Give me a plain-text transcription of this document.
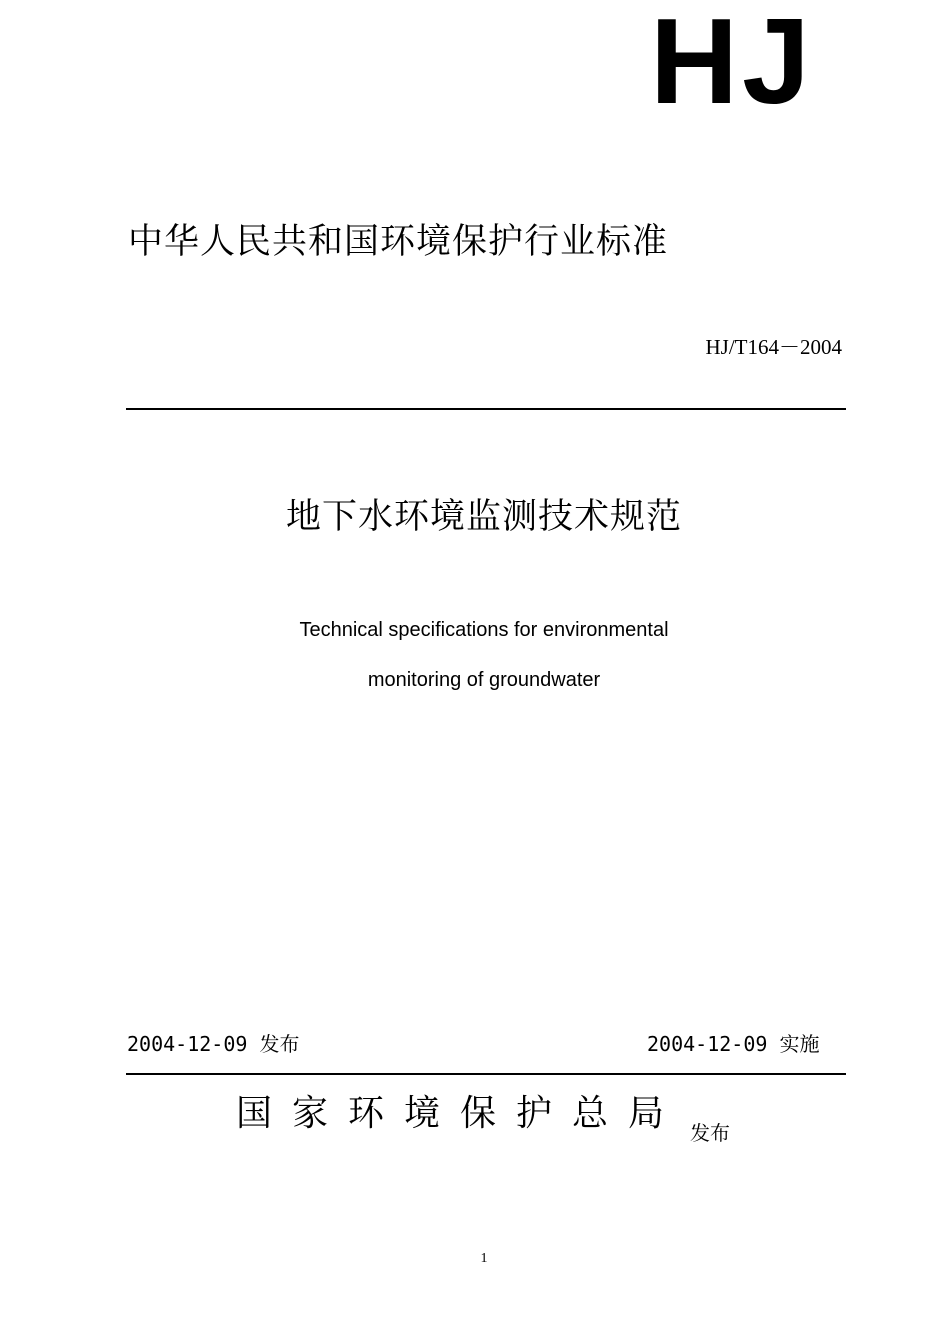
HJ
中华人民共和国环境保护行业标准
HJ/T164－2004
地下水环境监测技术规范
Technical specifications for environmental
monitoring of groundwater
2004-12-09 发布	2004-12-09 实施
国家环境保护总局 发布
1
